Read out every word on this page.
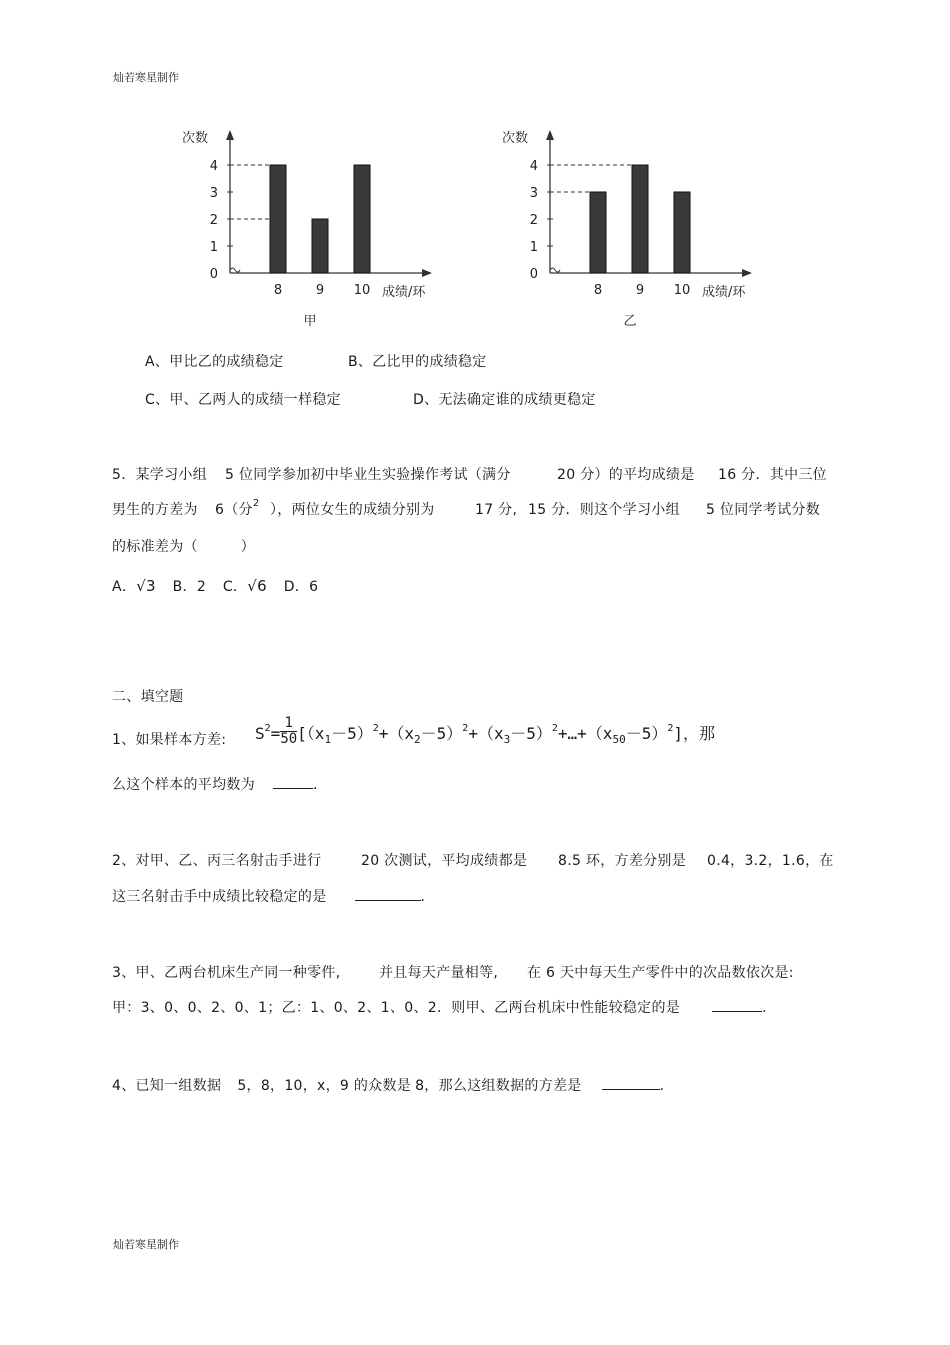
灿若寒星制作
灿若寒星制作
0
1
2
3
4
8	9 10
次数
成绩/环
甲
0
1
2
3
4
8	9 10
次数
成绩/环
乙
A、甲比乙的成绩稳定	B、乙比甲的成绩稳定
C、甲、乙两人的成绩一样稳定	D、无法确定谁的成绩更稳定
5．某学习小组 5 位同学参加初中毕业生实验操作考试（满分	20 分）的平均成绩是 16 分．其中三位
男生的方差为 6（分$^2$ ），两位女生的成绩分别为	17 分, 15 分．则这个学习小组 5 位同学考试分数
的标准差为（　　　）
A．√3 B．2 C．√6 D．6
二、填空题
1、如果样本方差: $S^2= \frac{1}{50}$ $[(x_1-5)^2+(x_2-5)^2+(x_3-5)^2+\dots+(x_{50}-5)^2]$，那
么这个样本的平均数为	.
2、对甲、乙、丙三名射击手进行	20 次测试，平均成绩都是 8.5 环，方差分别是 0.4，3.2，1.6，在
这三名射击手中成绩比较稳定的是	.
3、甲、乙两台机床生产同一种零件,	并且每天产量相等, 在 6 天中每天生产零件中的次品数依次是:
甲：3、0、0、2、0、1；乙：1、0、2、1、0、2．则甲、乙两台机床中性能较稳定的是	.
4、已知一组数据 5，8，10，x，9 的众数是 8，那么这组数据的方差是	.
